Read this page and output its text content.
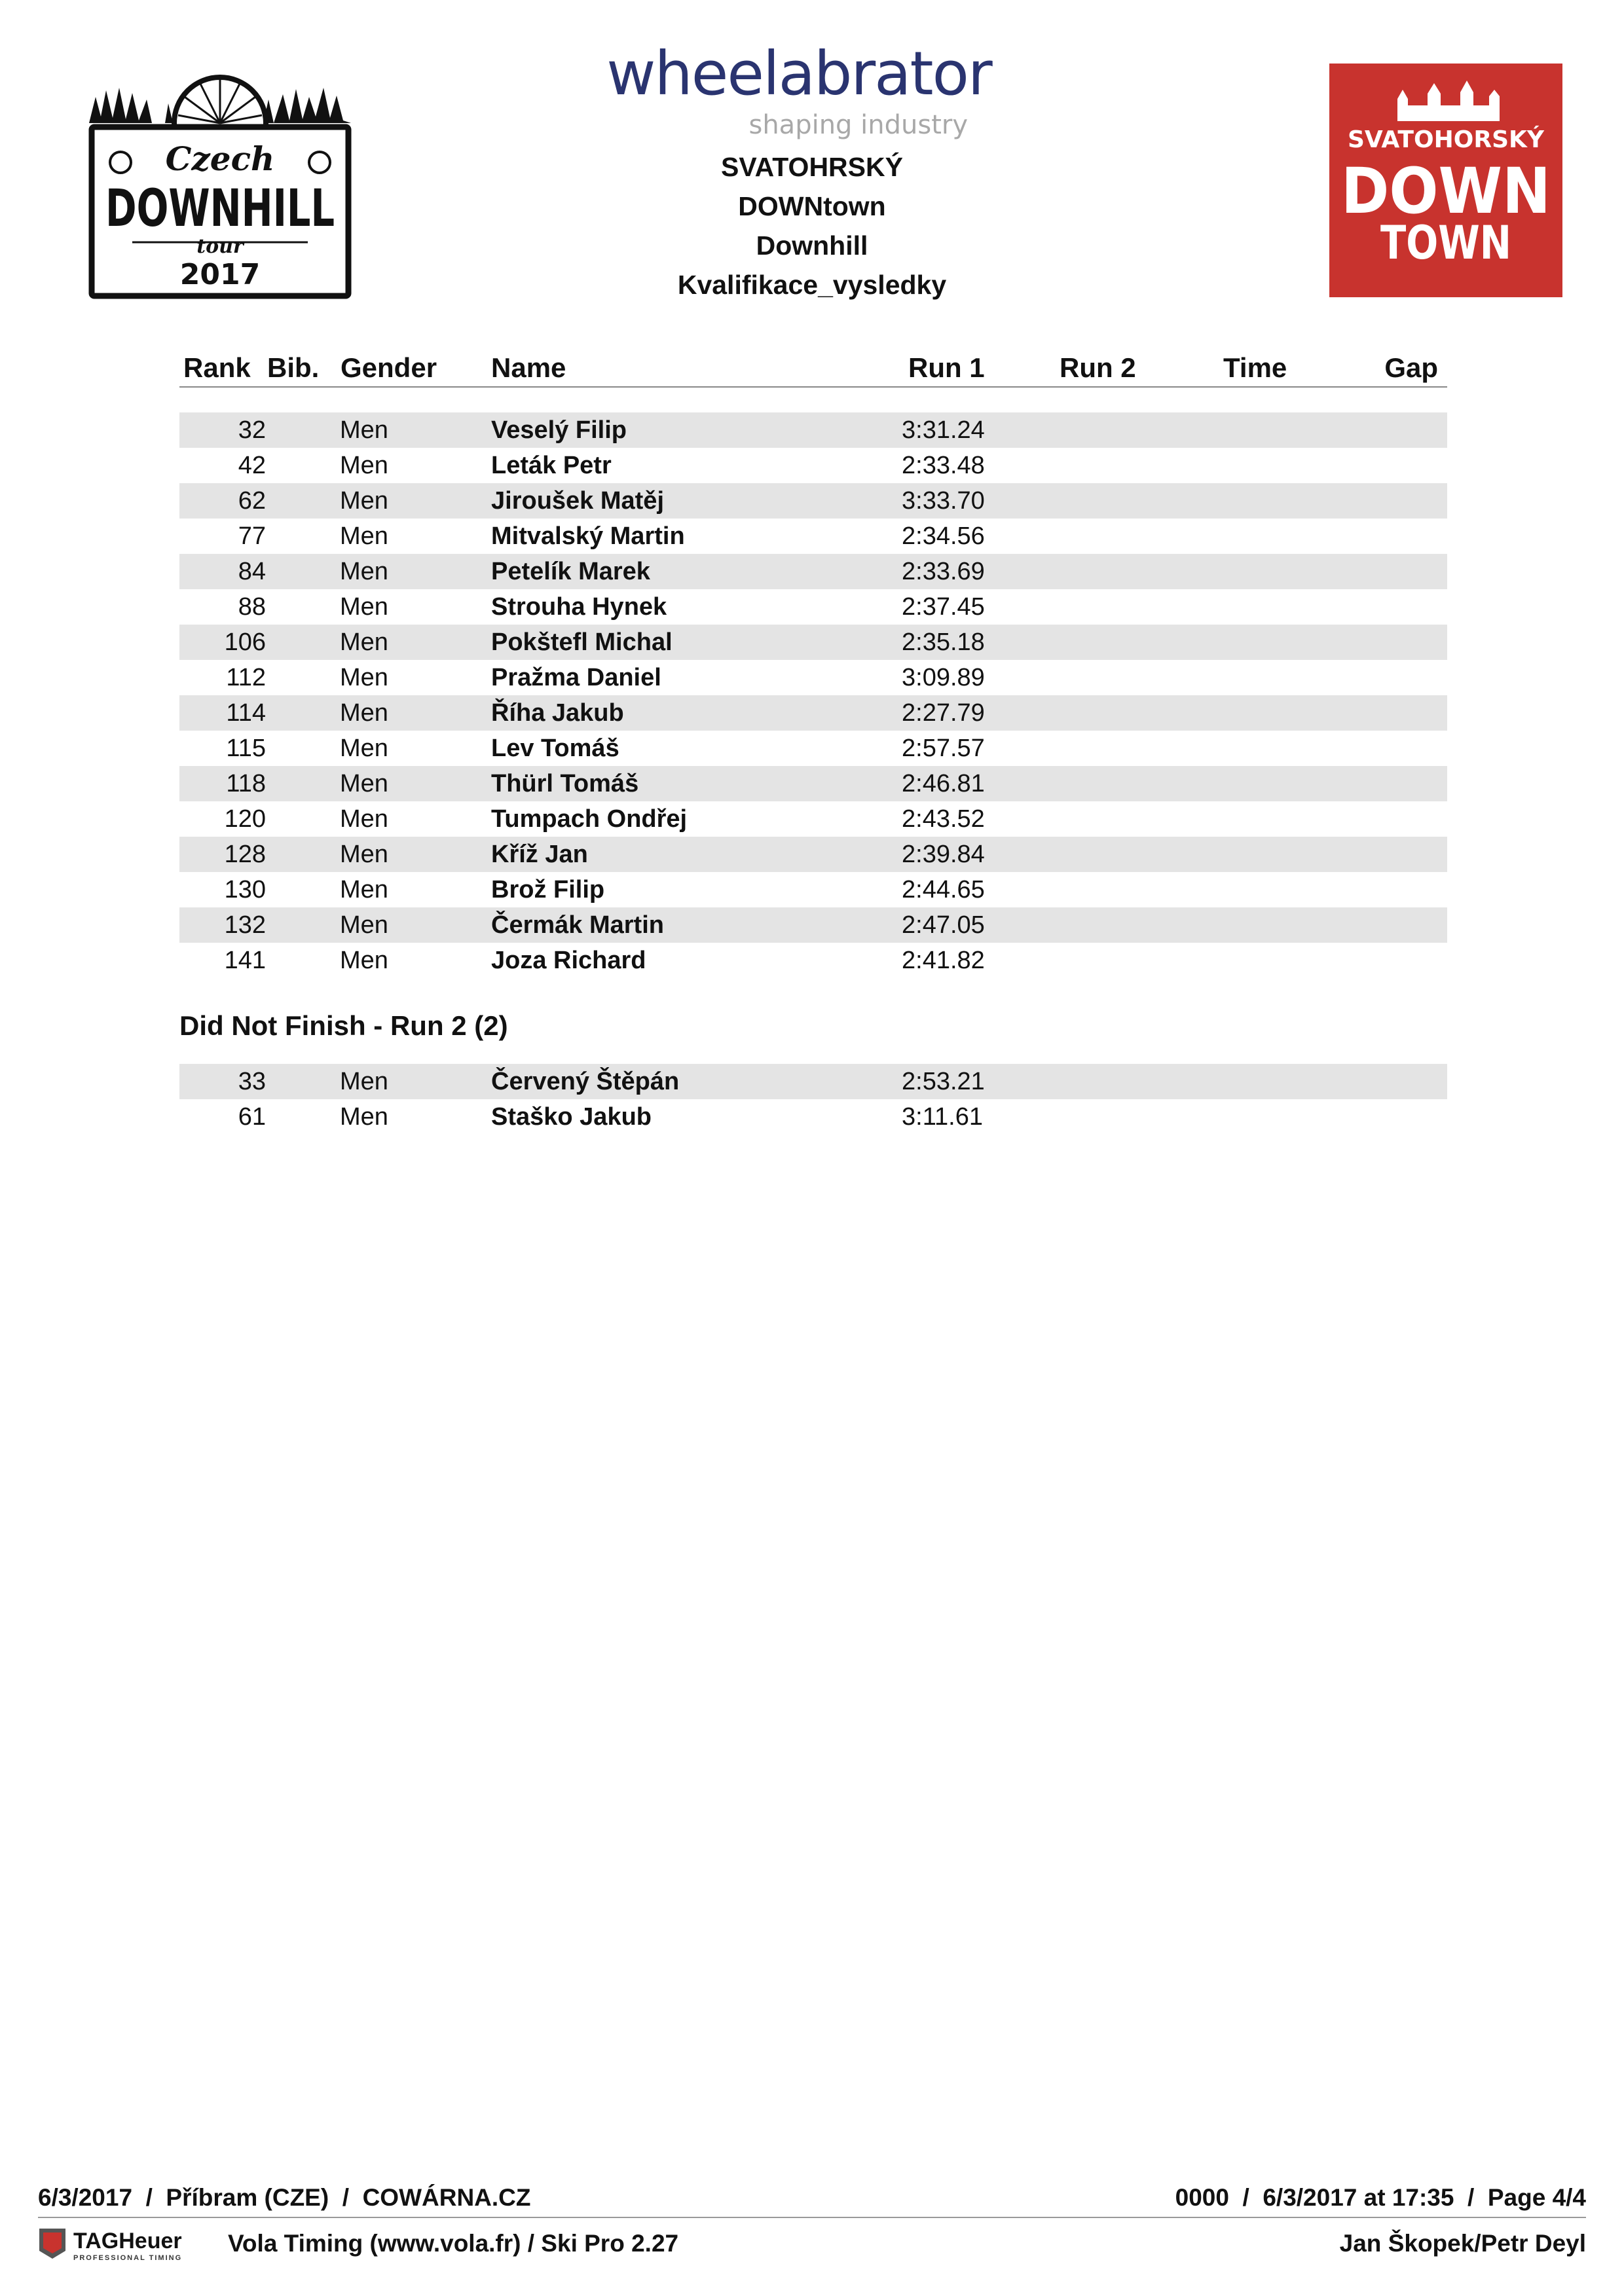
Czech
DOWNHILL
tour
2017
wheelabrator
shaping industry
SVATOHRSKÝ
DOWNtown
Downhill
Kvalifikace_vysledky
SVATOHORSKÝ
DOWN
TOWN
Rank Bib. Gender Name	Run 1	Run 2	Time	Gap
32	Men	Veselý Filip	3:31.24
42	Men	Leták Petr	2:33.48
62	Men	Jiroušek Matěj	3:33.70
77	Men	Mitvalský Martin	2:34.56
84	Men	Petelík Marek	2:33.69
88	Men	Strouha Hynek	2:37.45
106	Men	Pokštefl Michal	2:35.18
112	Men	Pražma Daniel	3:09.89
114	Men	Říha Jakub	2:27.79
115	Men	Lev Tomáš	2:57.57
118	Men	Thürl Tomáš	2:46.81
120	Men	Tumpach Ondřej	2:43.52
128	Men	Kříž Jan	2:39.84
130	Men	Brož Filip	2:44.65
132	Men	Čermák Martin	2:47.05
141	Men	Joza Richard	2:41.82
Did Not Finish - Run 2 (2)
33	Men	Červený Štěpán	2:53.21
61	Men	Staško Jakub	3:11.61
6/3/2017  /  Příbram (CZE)  /  COWÁRNA.CZ	0000  /  6/3/2017 at 17:35  /  Page 4/4
TAGHeuer
PROFESSIONAL TIMING
Vola Timing (www.vola.fr) / Ski Pro 2.27	Jan Škopek/Petr Deyl
